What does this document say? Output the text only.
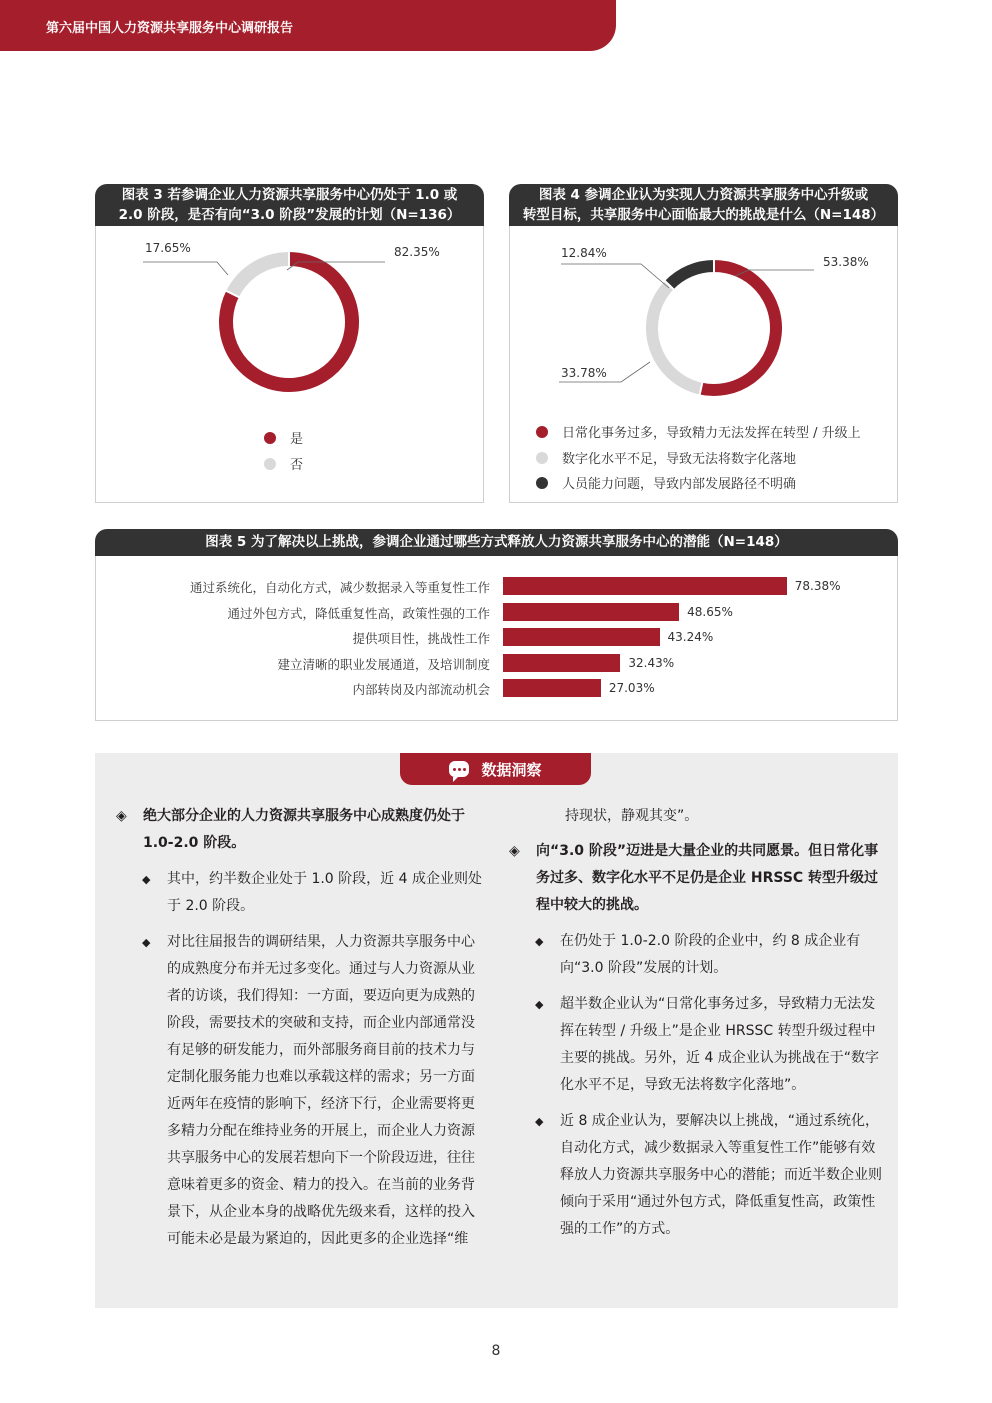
第六届中国人力资源共享服务中心调研报告
图表 3 若参调企业人力资源共享服务中心仍处于 1.0 或
2.0 阶段，是否有向“3.0 阶段”发展的计划（N=136）
82.35%
17.65%
是
否
图表 4 参调企业认为实现人力资源共享服务中心升级或
转型目标，共享服务中心面临最大的挑战是什么（N=148）
53.38%
12.84%
33.78%
日常化事务过多，导致精力无法发挥在转型 / 升级上
数字化水平不足，导致无法将数字化落地
人员能力问题，导致内部发展路径不明确
图表 5 为了解决以上挑战，参调企业通过哪些方式释放人力资源共享服务中心的潜能（N=148）
通过系统化，自动化方式，减少数据录入等重复性工作	78.38%
通过外包方式，降低重复性高，政策性强的工作	48.65%
提供项目性，挑战性工作	43.24%
建立清晰的职业发展通道，及培训制度	32.43%
内部转岗及内部流动机会	27.03%
数据洞察
◈ 绝大部分企业的人力资源共享服务中心成熟度仍处于 1.0-2.0 阶段。
◆ 其中，约半数企业处于 1.0 阶段，近 4 成企业则处于 2.0 阶段。
◆ 对比往届报告的调研结果，人力资源共享服务中心的成熟度分布并无过多变化。通过与人力资源从业者的访谈，我们得知：一方面，要迈向更为成熟的阶段，需要技术的突破和支持，而企业内部通常没有足够的研发能力，而外部服务商目前的技术力与定制化服务能力也难以承载这样的需求；另一方面近两年在疫情的影响下，经济下行，企业需要将更多精力分配在维持业务的开展上，而企业人力资源共享服务中心的发展若想向下一个阶段迈进，往往意味着更多的资金、精力的投入。在当前的业务背景下，从企业本身的战略优先级来看，这样的投入可能未必是最为紧迫的，因此更多的企业选择“维
持现状，静观其变”。
◈ 向“3.0 阶段”迈进是大量企业的共同愿景。但日常化事务过多、数字化水平不足仍是企业 HRSSC 转型升级过程中较大的挑战。
◆ 在仍处于 1.0-2.0 阶段的企业中，约 8 成企业有向“3.0 阶段”发展的计划。
◆ 超半数企业认为“日常化事务过多，导致精力无法发挥在转型 / 升级上”是企业 HRSSC 转型升级过程中主要的挑战。另外，近 4 成企业认为挑战在于“数字化水平不足，导致无法将数字化落地”。
◆ 近 8 成企业认为，要解决以上挑战，“通过系统化，自动化方式，减少数据录入等重复性工作”能够有效释放人力资源共享服务中心的潜能；而近半数企业则倾向于采用“通过外包方式，降低重复性高，政策性强的工作”的方式。
8
